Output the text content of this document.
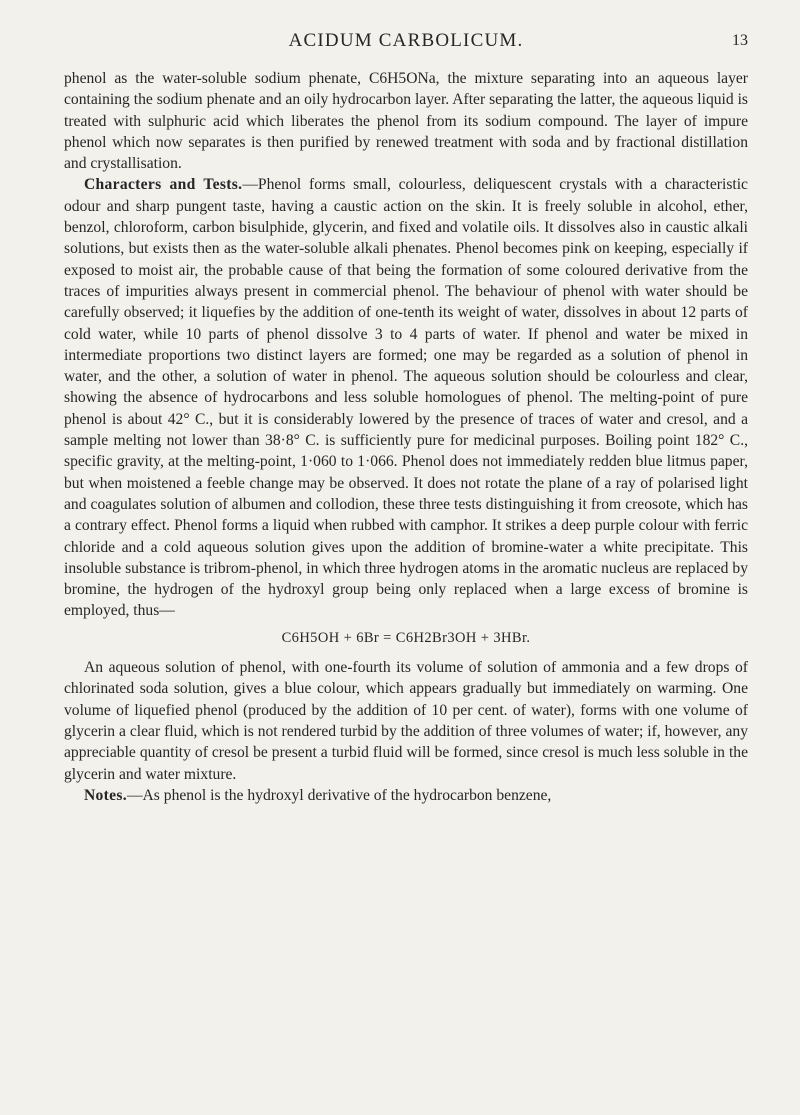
ACIDUM CARBOLICUM.	13

phenol as the water-soluble sodium phenate, C6H5ONa, the mixture separating into an aqueous layer containing the sodium phenate and an oily hydrocarbon layer. After separating the latter, the aqueous liquid is treated with sulphuric acid which liberates the phenol from its sodium compound. The layer of impure phenol which now separates is then purified by renewed treatment with soda and by fractional distillation and crystallisation.

Characters and Tests.—Phenol forms small, colourless, deliquescent crystals with a characteristic odour and sharp pungent taste, having a caustic action on the skin. It is freely soluble in alcohol, ether, benzol, chloroform, carbon bisulphide, glycerin, and fixed and volatile oils. It dissolves also in caustic alkali solutions, but exists then as the water-soluble alkali phenates. Phenol becomes pink on keeping, especially if exposed to moist air, the probable cause of that being the formation of some coloured derivative from the traces of impurities always present in commercial phenol. The behaviour of phenol with water should be carefully observed; it liquefies by the addition of one-tenth its weight of water, dissolves in about 12 parts of cold water, while 10 parts of phenol dissolve 3 to 4 parts of water. If phenol and water be mixed in intermediate proportions two distinct layers are formed; one may be regarded as a solution of phenol in water, and the other, a solution of water in phenol. The aqueous solution should be colourless and clear, showing the absence of hydrocarbons and less soluble homologues of phenol. The melting-point of pure phenol is about 42° C., but it is considerably lowered by the presence of traces of water and cresol, and a sample melting not lower than 38·8° C. is sufficiently pure for medicinal purposes. Boiling point 182° C., specific gravity, at the melting-point, 1·060 to 1·066. Phenol does not immediately redden blue litmus paper, but when moistened a feeble change may be observed. It does not rotate the plane of a ray of polarised light and coagulates solution of albumen and collodion, these three tests distinguishing it from creosote, which has a contrary effect. Phenol forms a liquid when rubbed with camphor. It strikes a deep purple colour with ferric chloride and a cold aqueous solution gives upon the addition of bromine-water a white precipitate. This insoluble substance is tribrom-phenol, in which three hydrogen atoms in the aromatic nucleus are replaced by bromine, the hydrogen of the hydroxyl group being only replaced when a large excess of bromine is employed, thus—

C6H5OH + 6Br = C6H2Br3OH + 3HBr.

An aqueous solution of phenol, with one-fourth its volume of solution of ammonia and a few drops of chlorinated soda solution, gives a blue colour, which appears gradually but immediately on warming. One volume of liquefied phenol (produced by the addition of 10 per cent. of water), forms with one volume of glycerin a clear fluid, which is not rendered turbid by the addition of three volumes of water; if, however, any appreciable quantity of cresol be present a turbid fluid will be formed, since cresol is much less soluble in the glycerin and water mixture.

Notes.—As phenol is the hydroxyl derivative of the hydrocarbon benzene,
